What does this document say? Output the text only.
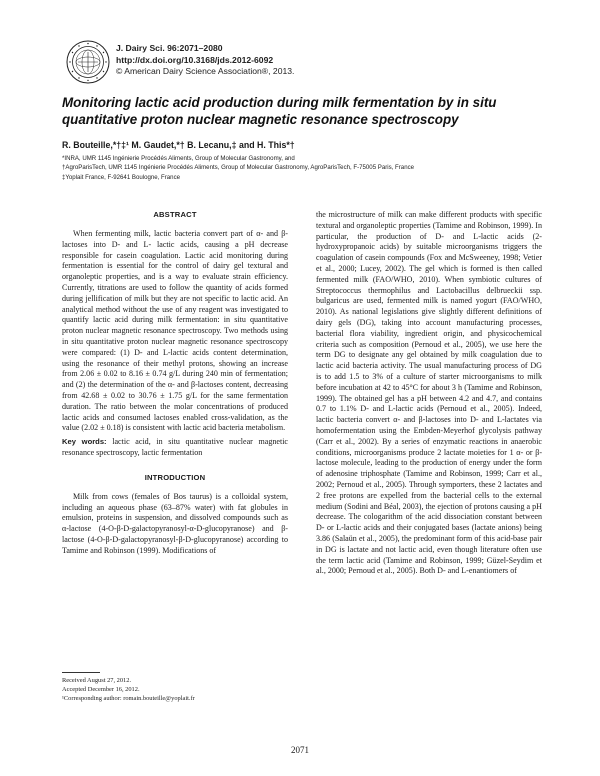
J. Dairy Sci. 96:2071–2080
http://dx.doi.org/10.3168/jds.2012-6092
© American Dairy Science Association®, 2013.
Monitoring lactic acid production during milk fermentation by in situ
quantitative proton nuclear magnetic resonance spectroscopy
R. Bouteille,*†‡¹ M. Gaudet,*† B. Lecanu,‡ and H. This*†
*INRA, UMR 1145 Ingénierie Procédés Aliments, Group of Molecular Gastronomy, and
†AgroParisTech, UMR 1145 Ingénierie Procédés Aliments, Group of Molecular Gastronomy, AgroParisTech, F-75005 Paris, France
‡Yoplait France, F-92641 Boulogne, France
ABSTRACT

When fermenting milk, lactic bacteria convert part of α- and β-lactoses into D- and L- lactic acids, causing a pH decrease responsible for casein coagulation. Lactic acid monitoring during fermentation is essential for the control of dairy gel textural and organoleptic properties, and is a way to evaluate strain efficiency. Currently, titrations are used to follow the quantity of acids formed during jellification of milk but they are not specific to lactic acid. An analytical method without the use of any reagent was investigated to quantify lactic acid during milk fermentation: in situ quantitative proton nuclear magnetic resonance spectroscopy. Two methods using in situ quantitative proton nuclear magnetic resonance spectroscopy were compared: (1) D- and L-lactic acids content determination, using the resonance of their methyl protons, showing an increase from 2.06 ± 0.02 to 8.16 ± 0.74 g/L during 240 min of fermentation; and (2) the determination of the α- and β-lactoses content, decreasing from 42.68 ± 0.02 to 30.76 ± 1.75 g/L for the same fermentation duration. The ratio between the molar concentrations of produced lactic acids and consumed lactoses enabled cross-validation, as the value (2.02 ± 0.18) is consistent with lactic acid bacteria metabolism.

Key words: lactic acid, in situ quantitative nuclear magnetic resonance spectroscopy, lactic fermentation

INTRODUCTION

Milk from cows (females of Bos taurus) is a colloidal system, including an aqueous phase (63–87% water) with fat globules in emulsion, proteins in suspension, and dissolved compounds such as α-lactose (4-O-β-D-galactopyranosyl-α-D-glucopyranose) and β-lactose (4-O-β-D-galactopyranosyl-β-D-glucopyranose) according to Tamime and Robinson (1999). Modifications of

the microstructure of milk can make different products with specific textural and organoleptic properties (Tamime and Robinson, 1999). In particular, the production of D- and L-lactic acids (2-hydroxypropanoic acids) by suitable microorganisms triggers the coagulation of casein compounds (Fox and McSweeney, 1998; Vetier et al., 2000; Lucey, 2002). The gel which is formed is then called fermented milk (FAO/WHO, 2010). When symbiotic cultures of Streptococcus thermophilus and Lactobacillus delbrueckii ssp. bulgaricus are used, fermented milk is named yogurt (FAO/WHO, 2010). As national legislations give slightly different definitions of dairy gels (DG), taking into account manufacturing processes, bacterial flora viability, ingredient origin, and physicochemical criteria such as composition (Pernoud et al., 2005), we use here the term DG to designate any gel obtained by milk coagulation due to lactic acid bacteria activity. The usual manufacturing process of DG is to add 1.5 to 3% of a culture of starter microorganisms to milk before incubation at 42 to 45°C for about 3 h (Tamime and Robinson, 1999). The obtained gel has a pH between 4.2 and 4.7, and contains 0.7 to 1.1% D- and L-lactic acids (Pernoud et al., 2005). Indeed, lactic bacteria convert α- and β-lactoses into D- and L-lactates via homofermentation using the Embden-Meyerhof glycolysis pathway (Carr et al., 2002). By a series of enzymatic reactions in anaerobic conditions, microorganisms produce 2 lactate moieties for 1 α- or β-lactose molecule, leading to the production of energy under the form of adenosine triphosphate (Tamime and Robinson, 1999; Carr et al., 2002; Pernoud et al., 2005). Through symporters, these 2 lactates and 2 free protons are expelled from the bacterial cells to the external medium (Sodini and Béal, 2003), the ejection of protons causing a pH decrease. The cologarithm of the acid dissociation constant between D- or L-lactic acids and their conjugated bases (lactate anions) being 3.86 (Salaün et al., 2005), the predominant form of this acid-base pair in DG is lactate and not lactic acid, even though literature often use the term lactic acid (Tamime and Robinson, 1999; Güzel-Seydim et al., 2000; Pernoud et al., 2005). Both D- and L-enantiomers of

Received August 27, 2012.
Accepted December 16, 2012.
¹Corresponding author: romain.bouteille@yoplait.fr
2071
